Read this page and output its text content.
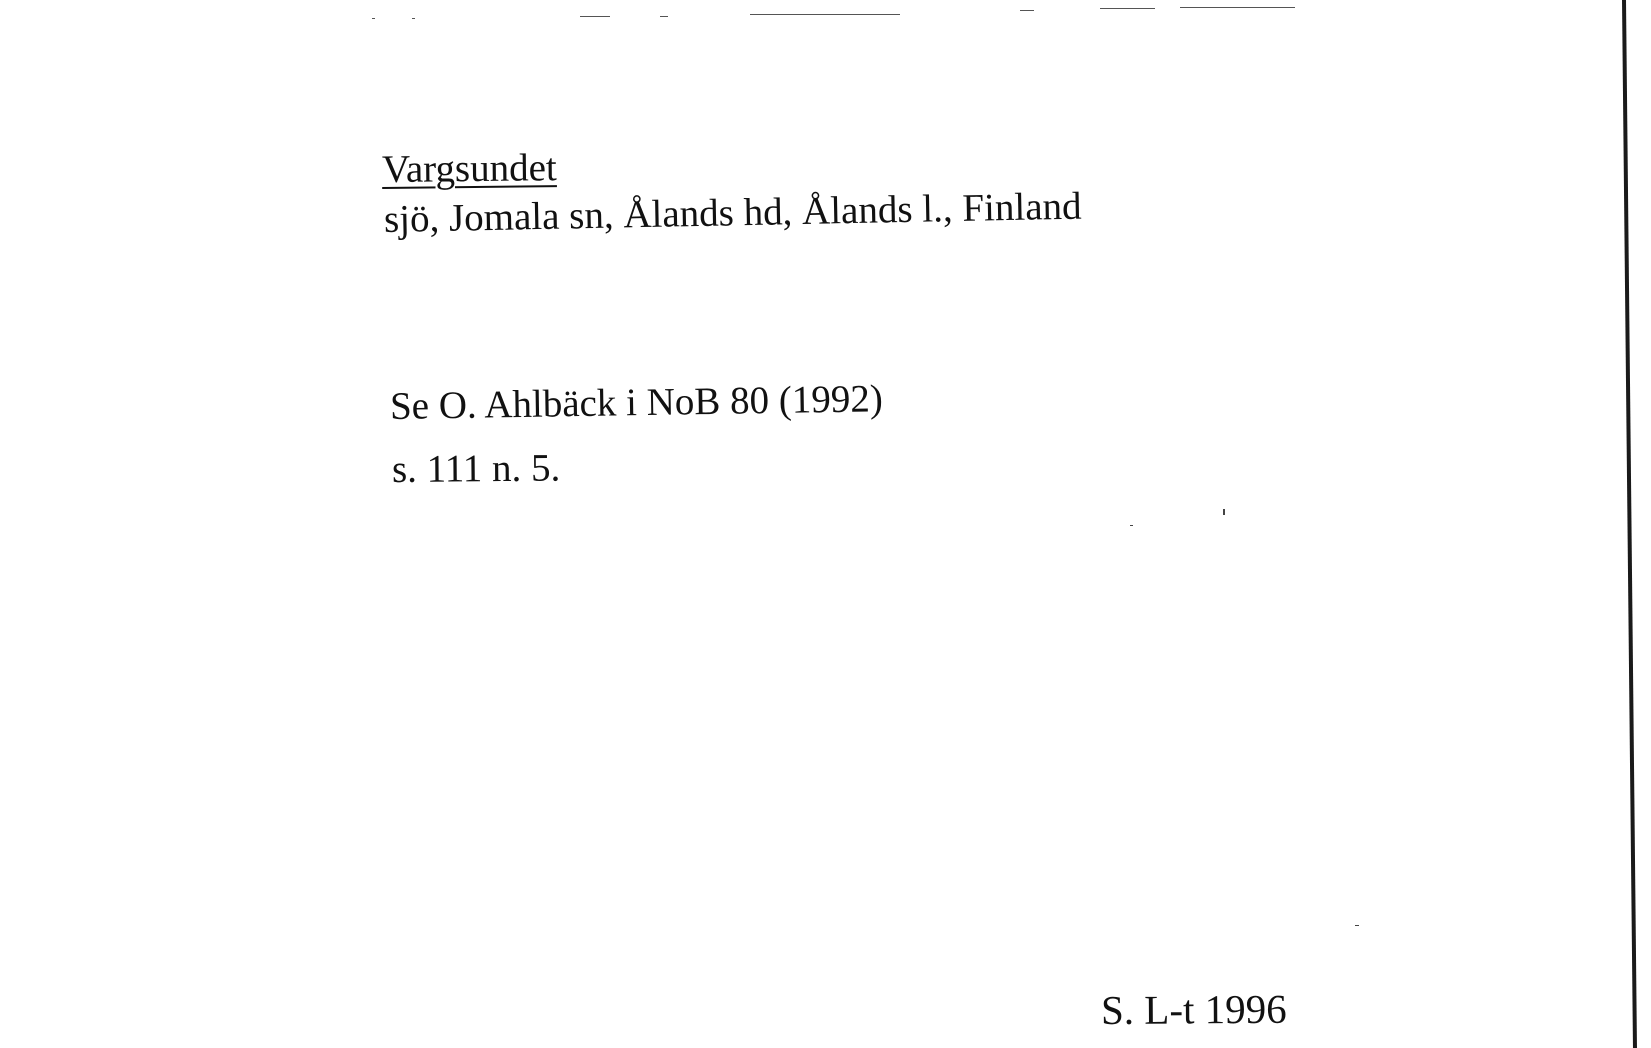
Vargsundet
sjö, Jomala sn, Ålands hd, Ålands l., Finland
Se O. Ahlbäck i NoB 80 (1992)
s. 111 n. 5.
S. L-t 1996
